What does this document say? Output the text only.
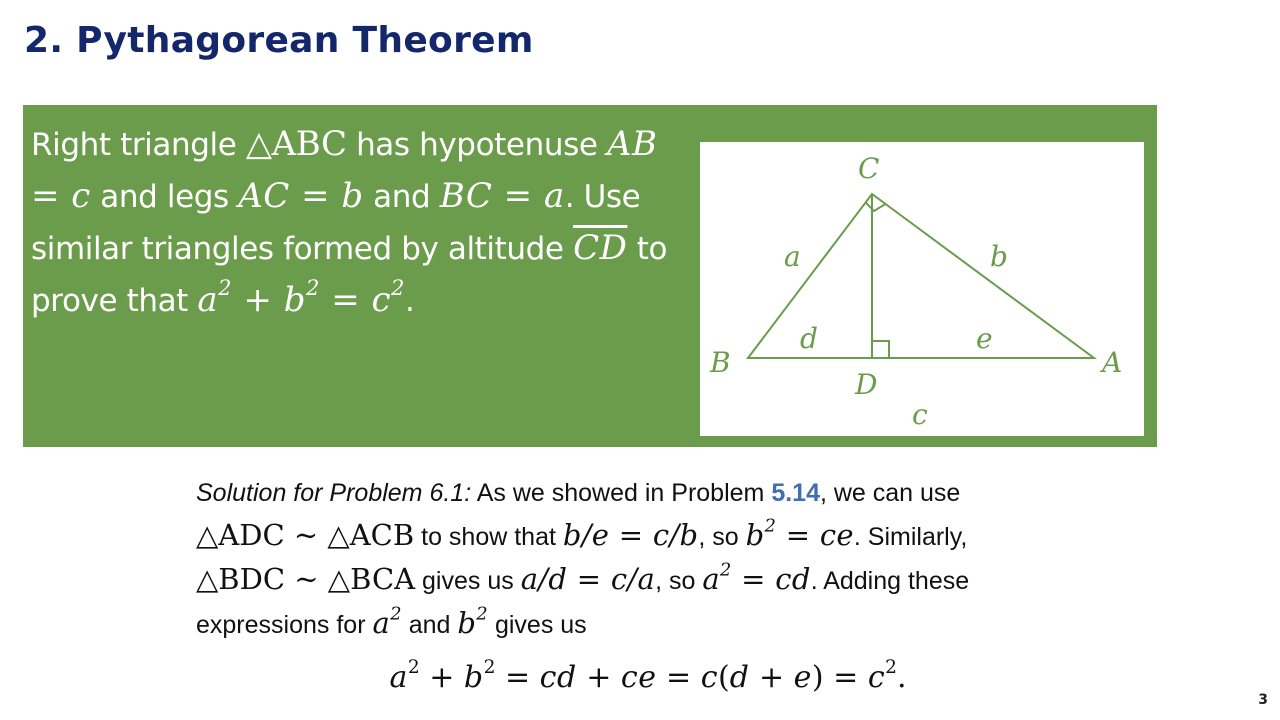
2. Pythagorean Theorem

Right triangle △ABC has hypotenuse AB = c and legs AC = b and BC = a. Use similar triangles formed by altitude $\overline{CD}$ to prove that $a^2 + b^2 = c^2$.

C
B	A
D
a	b
d	e
c
Solution for Problem 6.1: As we showed in Problem 5.14, we can use
△ADC ∼ △ACB to show that b/e = c/b, so $b^2$ = ce. Similarly,
△BDC ∼ △BCA gives us a/d = c/a, so $a^2$ = cd. Adding these
expressions for $a^2$ and $b^2$ gives us
$a^2 + b^2$ = cd + ce = $c(d + e) = c^2$.
3
